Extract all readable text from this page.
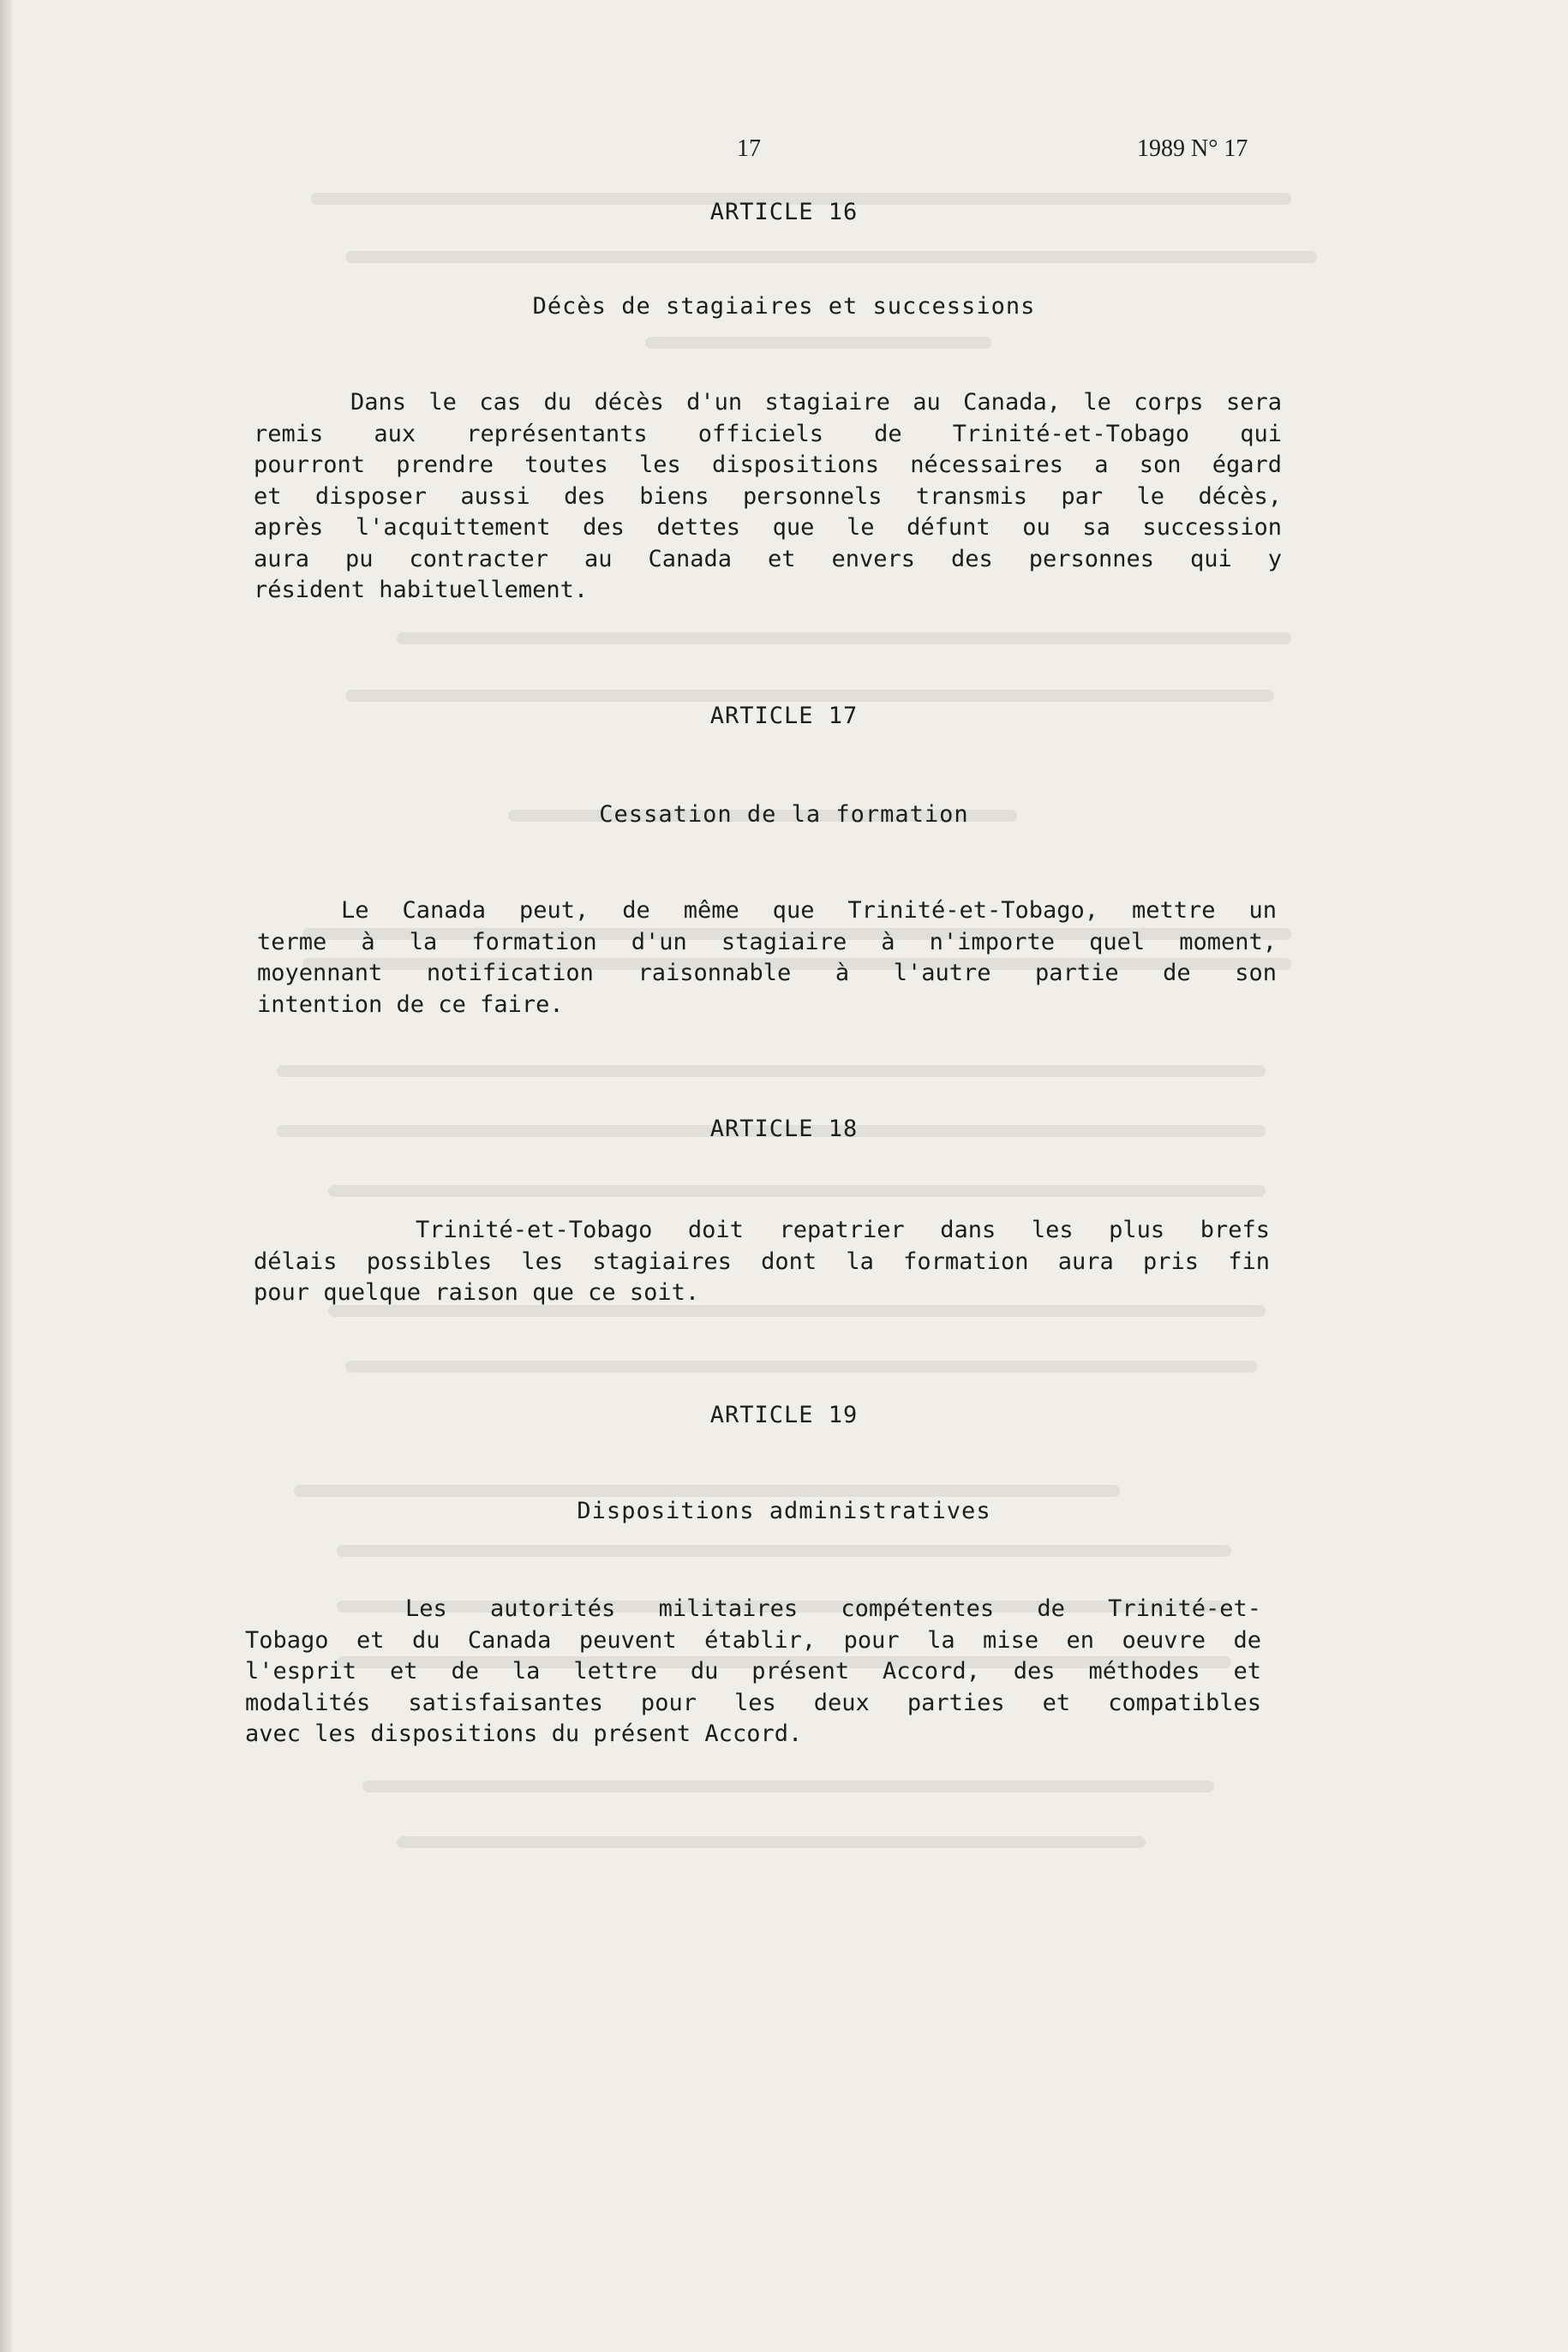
17	1989 N° 17
ARTICLE 16
Décès de stagiaires et successions
Dans le cas du décès d'un stagiaire au Canada, le corps sera
remis aux représentants officiels de Trinité-et-Tobago qui
pourront prendre toutes les dispositions nécessaires a son égard
et disposer aussi des biens personnels transmis par le décès,
après l'acquittement des dettes que le défunt ou sa succession
aura pu contracter au Canada et envers des personnes qui y
résident habituellement.
ARTICLE 17
Cessation de la formation
Le Canada peut, de même que Trinité-et-Tobago, mettre un
terme à la formation d'un stagiaire à n'importe quel moment,
moyennant notification raisonnable à l'autre partie de son
intention de ce faire.
ARTICLE 18
Trinité-et-Tobago doit repatrier dans les plus brefs
délais possibles les stagiaires dont la formation aura pris fin
pour quelque raison que ce soit.
ARTICLE 19
Dispositions administratives
Les autorités militaires compétentes de Trinité-et-
Tobago et du Canada peuvent établir, pour la mise en oeuvre de
l'esprit et de la lettre du présent Accord, des méthodes et
modalités satisfaisantes pour les deux parties et compatibles
avec les dispositions du présent Accord.
